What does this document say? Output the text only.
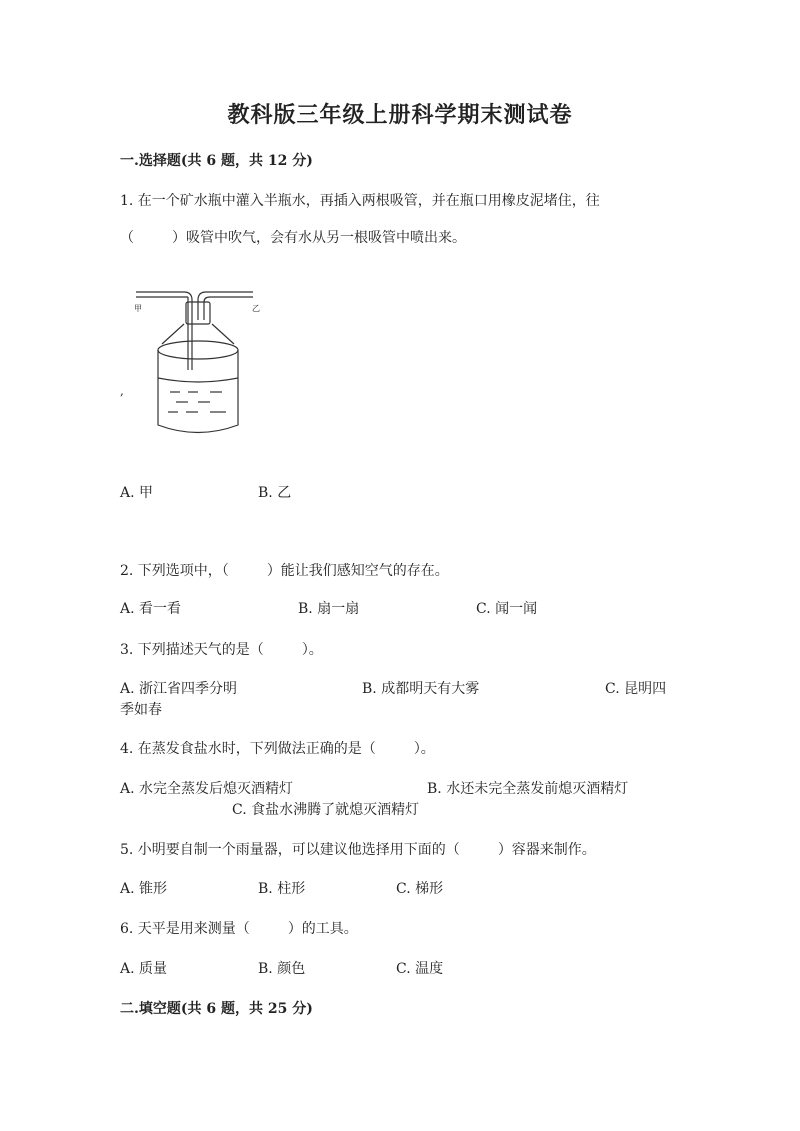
教科版三年级上册科学期末测试卷
一.选择题(共 6 题，共 12 分)
1. 在一个矿水瓶中灌入半瓶水，再插入两根吸管，并在瓶口用橡皮泥堵住，往
（	）吸管中吹气，会有水从另一根吸管中喷出来。
甲	乙
,
A. 甲	B. 乙
2. 下列选项中，（	）能让我们感知空气的存在。
A. 看一看	B. 扇一扇	C. 闻一闻
3. 下列描述天气的是（	）。
A. 浙江省四季分明	B. 成都明天有大雾	C. 昆明四
季如春
4. 在蒸发食盐水时，下列做法正确的是（	）。
A. 水完全蒸发后熄灭酒精灯	B. 水还未完全蒸发前熄灭酒精灯
C. 食盐水沸腾了就熄灭酒精灯
5. 小明要自制一个雨量器，可以建议他选择用下面的（	）容器来制作。
A. 锥形	B. 柱形	C. 梯形
6. 天平是用来测量（	）的工具。
A. 质量	B. 颜色	C. 温度
二.填空题(共 6 题，共 25 分)
